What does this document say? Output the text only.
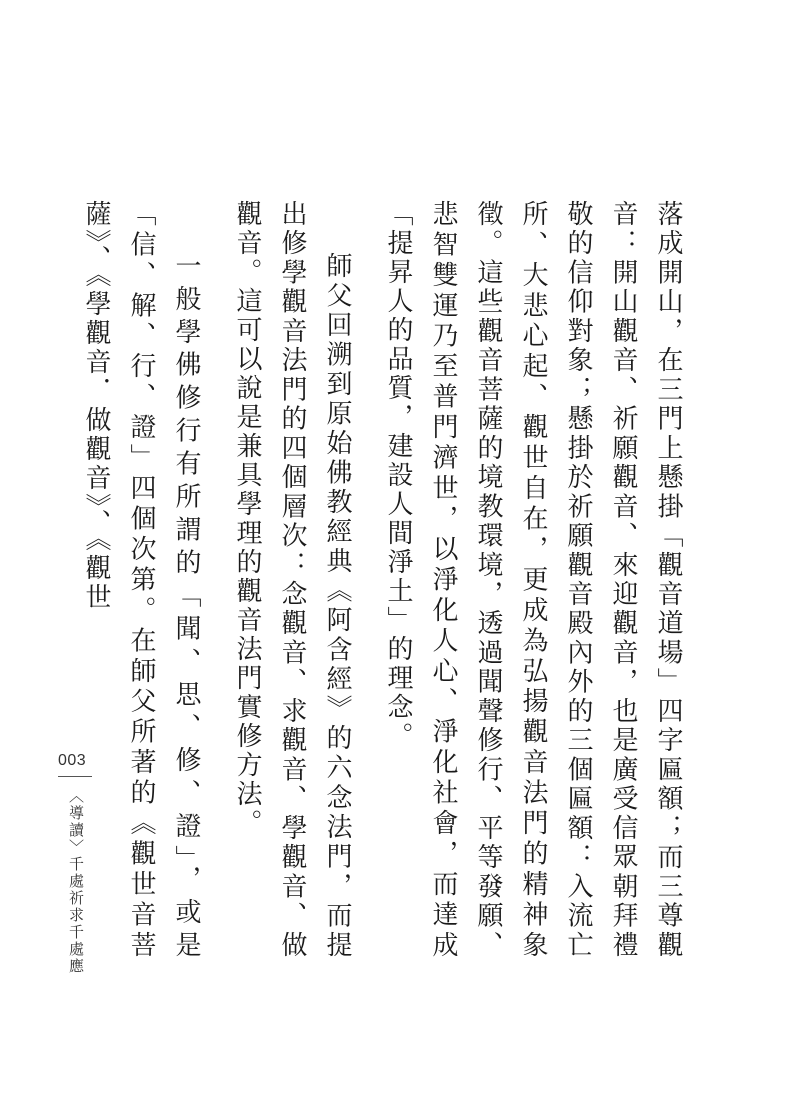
落成開山，在三門上懸掛「觀音道場」四字匾額；而三尊觀音：開山觀音、祈願觀音、來迎觀音，也是廣受信眾朝拜禮敬的信仰對象；懸掛於祈願觀音殿內外的三個匾額：入流亡所、大悲心起、觀世自在，更成為弘揚觀音法門的精神象徵。這些觀音菩薩的境教環境，透過聞聲修行、平等發願、悲智雙運乃至普門濟世，以淨化人心、淨化社會，而達成「提昇人的品質，建設人間淨土」的理念。

師父回溯到原始佛教經典《阿含經》的六念法門，而提出修學觀音法門的四個層次：念觀音、求觀音、學觀音、做觀音。這可以說是兼具學理的觀音法門實修方法。

一般學佛修行有所謂的「聞、思、修、證」，或是「信、解、行、證」四個次第。在師父所著的《觀世音菩薩》、《學觀音．做觀音》、《觀世

003
〈導讀〉千處祈求千處應
